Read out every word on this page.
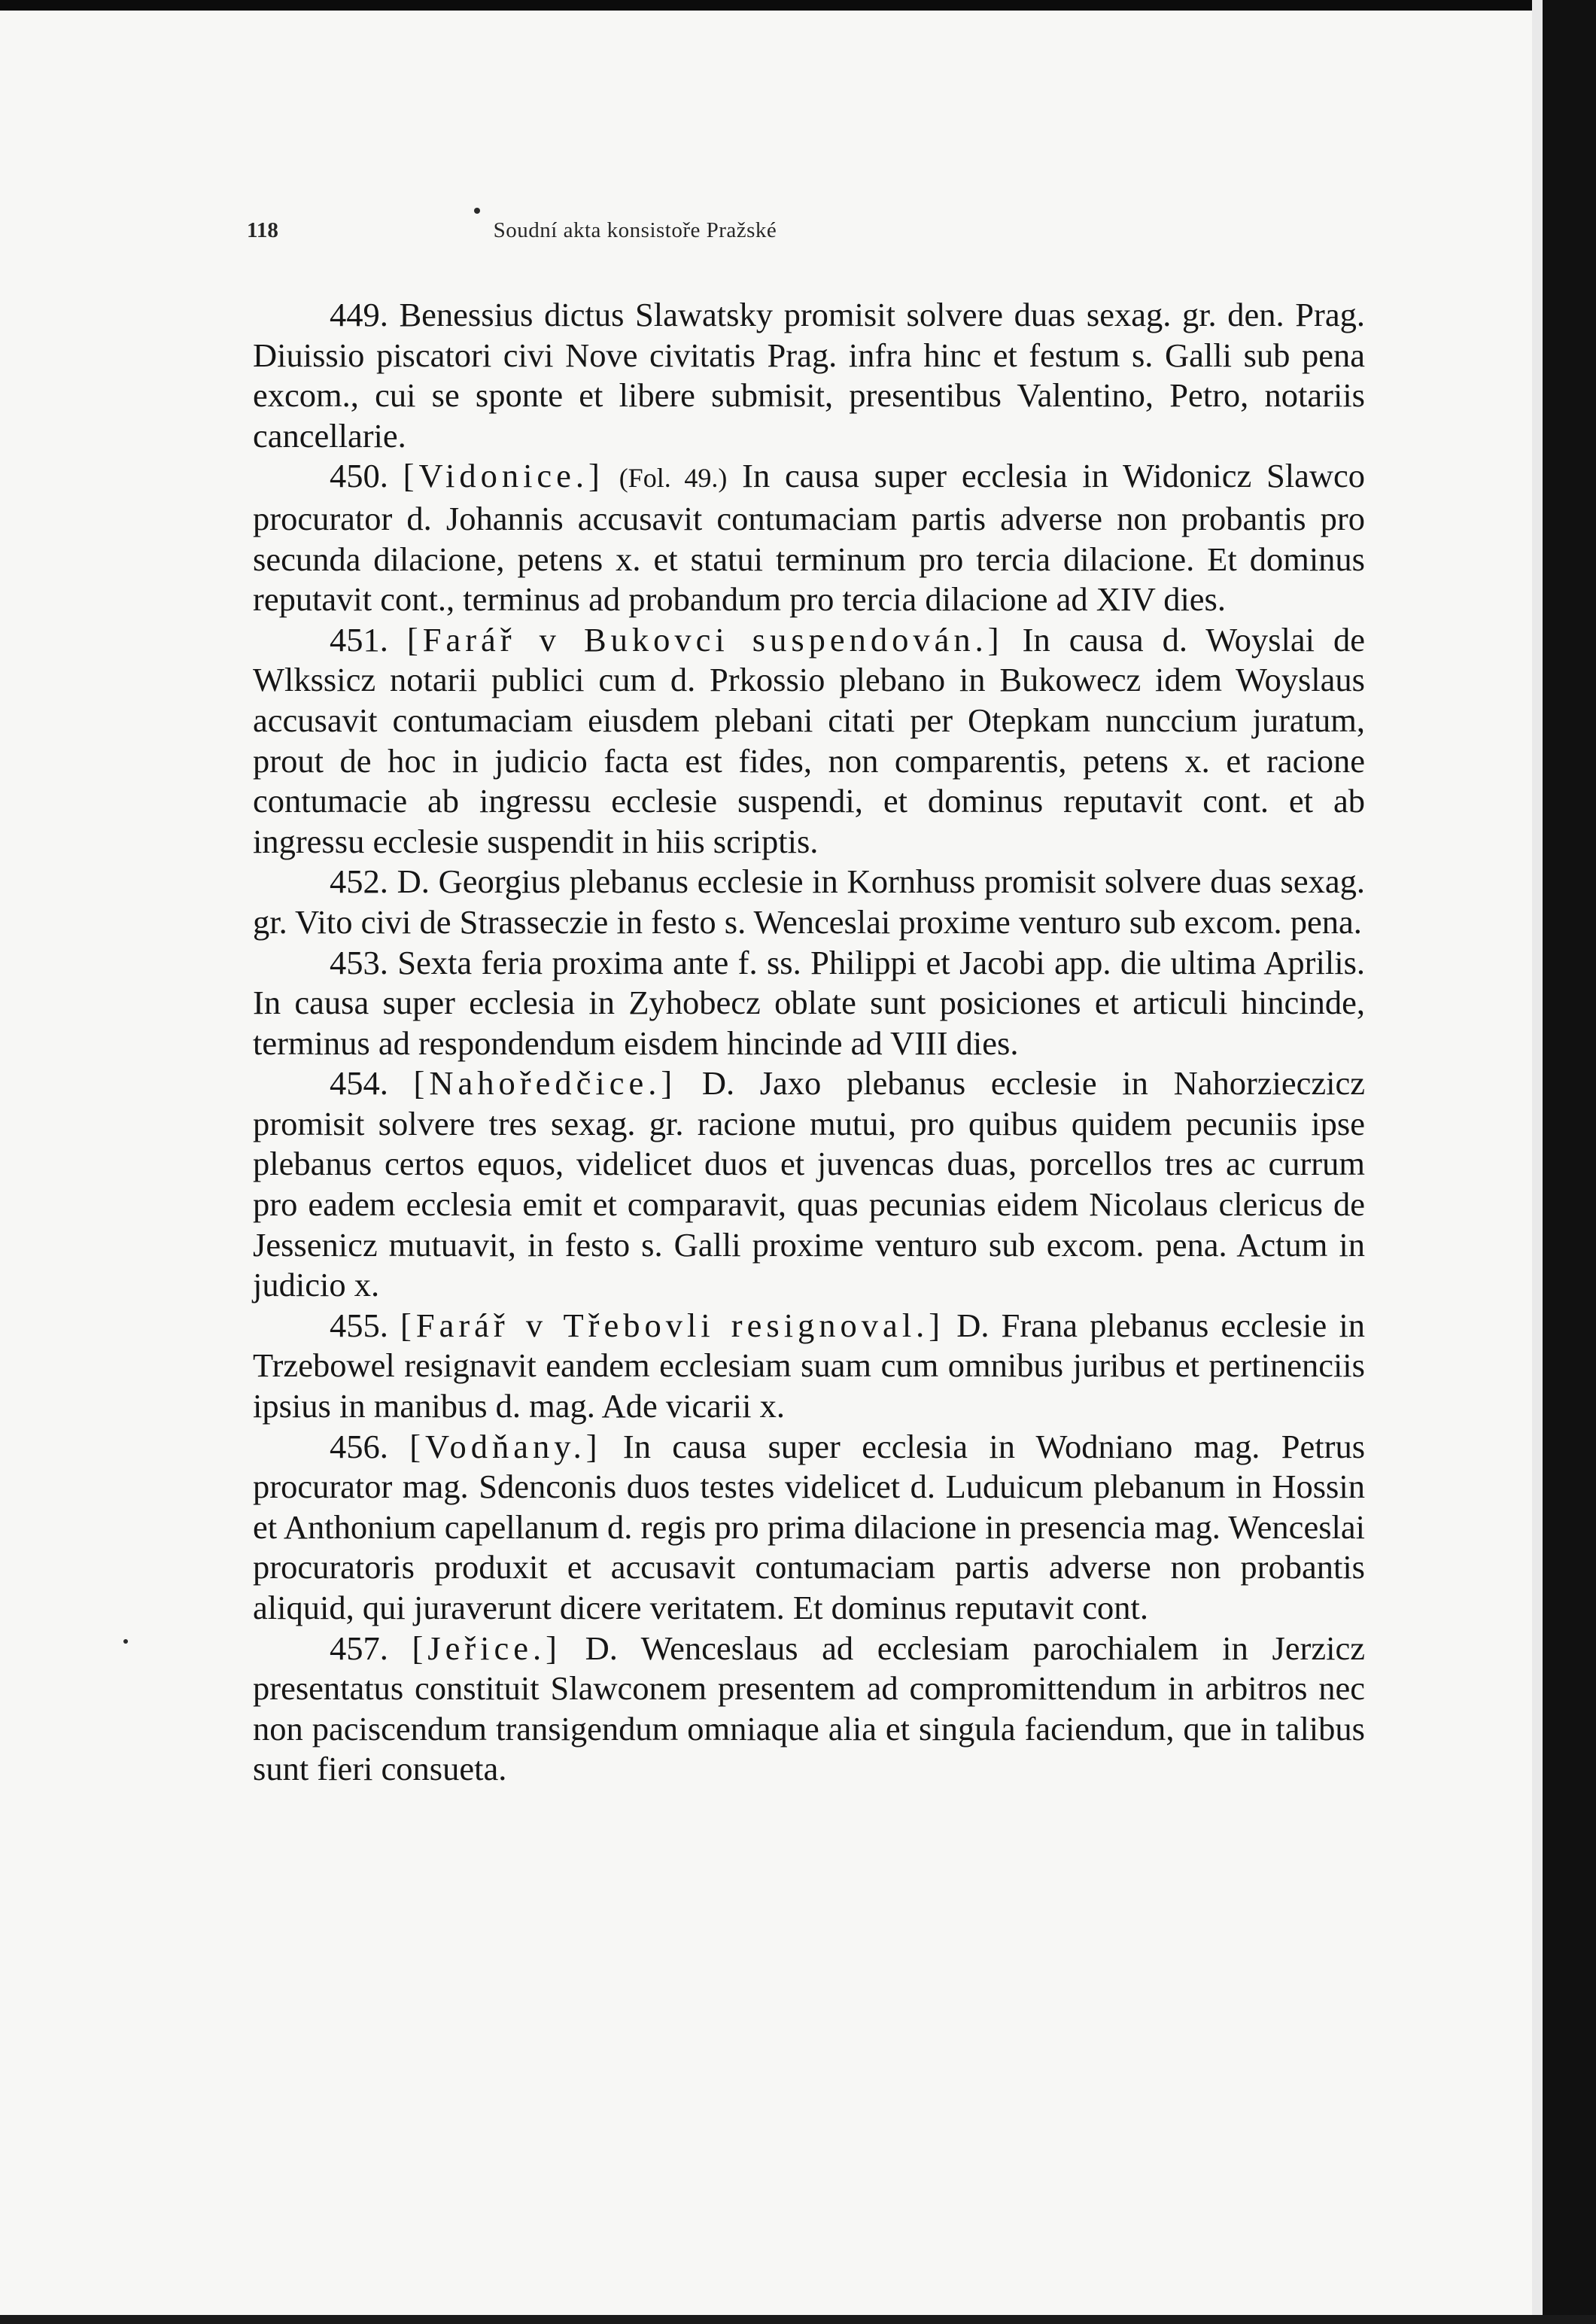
118	Soudní akta konsistoře Pražské

449. Benessius dictus Slawatsky promisit solvere duas sexag. gr. den. Prag. Diuissio piscatori civi Nove civitatis Prag. infra hinc et festum s. Galli sub pena excom., cui se sponte et libere submisit, presentibus Valentino, Petro, notariis cancellarie.

450. [Vidonice.] (Fol. 49.) In causa super ecclesia in Widonicz Slawco procurator d. Johannis accusavit contumaciam partis adverse non probantis pro secunda dilacione, petens x. et statui terminum pro tercia dilacione. Et dominus reputavit cont., terminus ad probandum pro tercia dilacione ad XIV dies.

451. [Farář v Bukovci suspendován.] In causa d. Woyslai de Wlkssicz notarii publici cum d. Prkossio plebano in Bukowecz idem Woyslaus accusavit contumaciam eiusdem plebani citati per Otepkam nunccium juratum, prout de hoc in judicio facta est fides, non comparentis, petens x. et racione contumacie ab ingressu ecclesie suspendi, et dominus reputavit cont. et ab ingressu ecclesie suspendit in hiis scriptis.

452. D. Georgius plebanus ecclesie in Kornhuss promisit solvere duas sexag. gr. Vito civi de Strasseczie in festo s. Wenceslai proxime venturo sub excom. pena.

453. Sexta feria proxima ante f. ss. Philippi et Jacobi app. die ultima Aprilis. In causa super ecclesia in Zyhobecz oblate sunt posiciones et articuli hincinde, terminus ad respondendum eisdem hincinde ad VIII dies.

454. [Nahoředčice.] D. Jaxo plebanus ecclesie in Nahorzieczicz promisit solvere tres sexag. gr. racione mutui, pro quibus quidem pecuniis ipse plebanus certos equos, videlicet duos et juvencas duas, porcellos tres ac currum pro eadem ecclesia emit et comparavit, quas pecunias eidem Nicolaus clericus de Jessenicz mutuavit, in festo s. Galli proxime venturo sub excom. pena. Actum in judicio x.

455. [Farář v Třebovli resignoval.] D. Frana plebanus ecclesie in Trzebowel resignavit eandem ecclesiam suam cum omnibus juribus et pertinenciis ipsius in manibus d. mag. Ade vicarii x.

456. [Vodňany.] In causa super ecclesia in Wodniano mag. Petrus procurator mag. Sdenconis duos testes videlicet d. Luduicum plebanum in Hossin et Anthonium capellanum d. regis pro prima dilacione in presencia mag. Wenceslai procuratoris produxit et accusavit contumaciam partis adverse non probantis aliquid, qui juraverunt dicere veritatem. Et dominus reputavit cont.

457. [Jeřice.] D. Wenceslaus ad ecclesiam parochialem in Jerzicz presentatus constituit Slawconem presentem ad compromittendum in arbitros nec non paciscendum transigendum omniaque alia et singula faciendum, que in talibus sunt fieri consueta.
